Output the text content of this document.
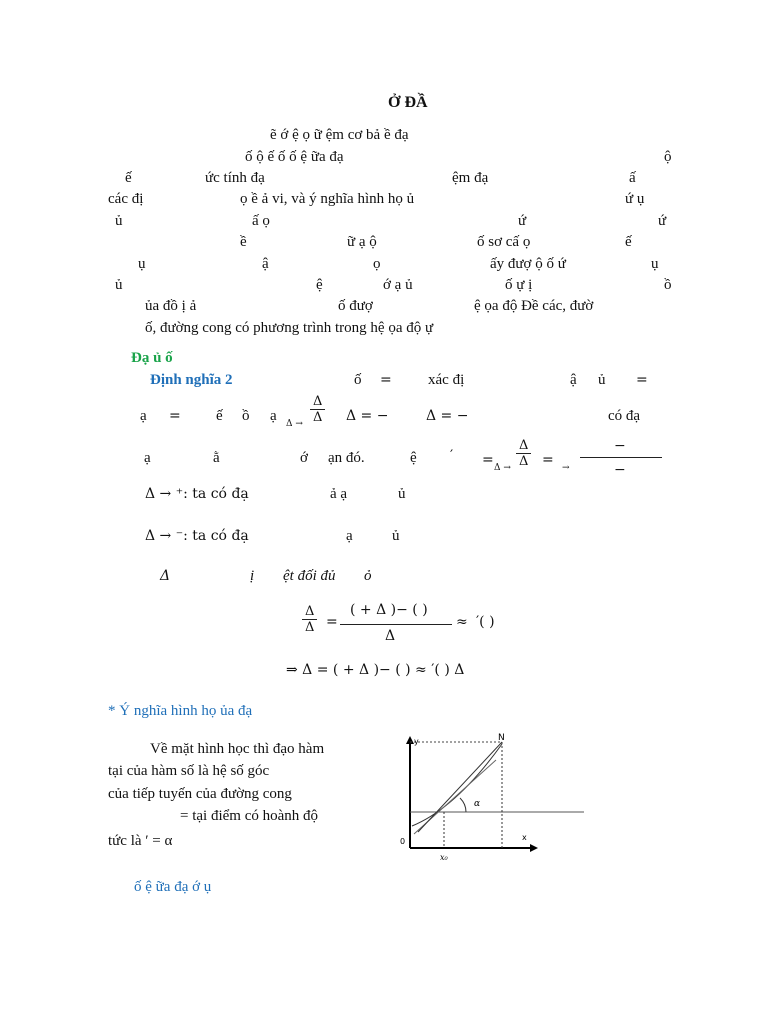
Ở ĐẦ
ẽ ớ ệ ọ ữ ệm cơ bả ề đạ
ố ộ ế ố ố ệ ữa đạ	ộ
ế	ức tính đạ	ệm đạ	ấ
các đị	ọ ề ả vi, và ý nghĩa hình họ ủ	ứ ụ
ủ	ấ ọ	ứ	ứ
ề	ữ ạ ộ	ố sơ cấ ọ	ế
ụ	ậ	ọ	ấy đượ ộ ố ứ	ụ
ủ	ệ	ớ ạ ủ	ố ự ị	ồ
ủa đồ ị ả	ố đượ	ệ ọa độ Đề các, đườ
ố, đường cong có phương trình trong hệ ọa độ ự
Đạ ủ ố
Định nghĩa 2	ố = xác đị	ậ ủ =
ạ = ế ồ ạ	$\frac{\Delta}{\Delta}$
Δ →	Δ = −	Δ = −	có đạ
ạ	ằ	ớ ạn đó.	ệ ′ = $\Delta \to \frac{\Delta}{\Delta}$ = →
−
−
Δ → ⁺: ta có đạ	ả ạ	ủ
Δ → ⁻: ta có đạ	ạ	ủ
Δ	ị ệt đối đủ ỏ
$\frac{\Delta}{\Delta}$ =
( + Δ )− ( )
Δ
≈ ′( )
⇒ Δ = ( + Δ )− ( ) ≈ ′( ) Δ
* Ý nghĩa hình họ ủa đạ
Về mặt hình học thì đạo hàm
tại của hàm số là hệ số góc
của tiếp tuyến của đường cong
= tại điểm có hoành độ
tức là ′ = α
y
x
0
N
α
x₀
ố ệ ữa đạ ớ ụ
